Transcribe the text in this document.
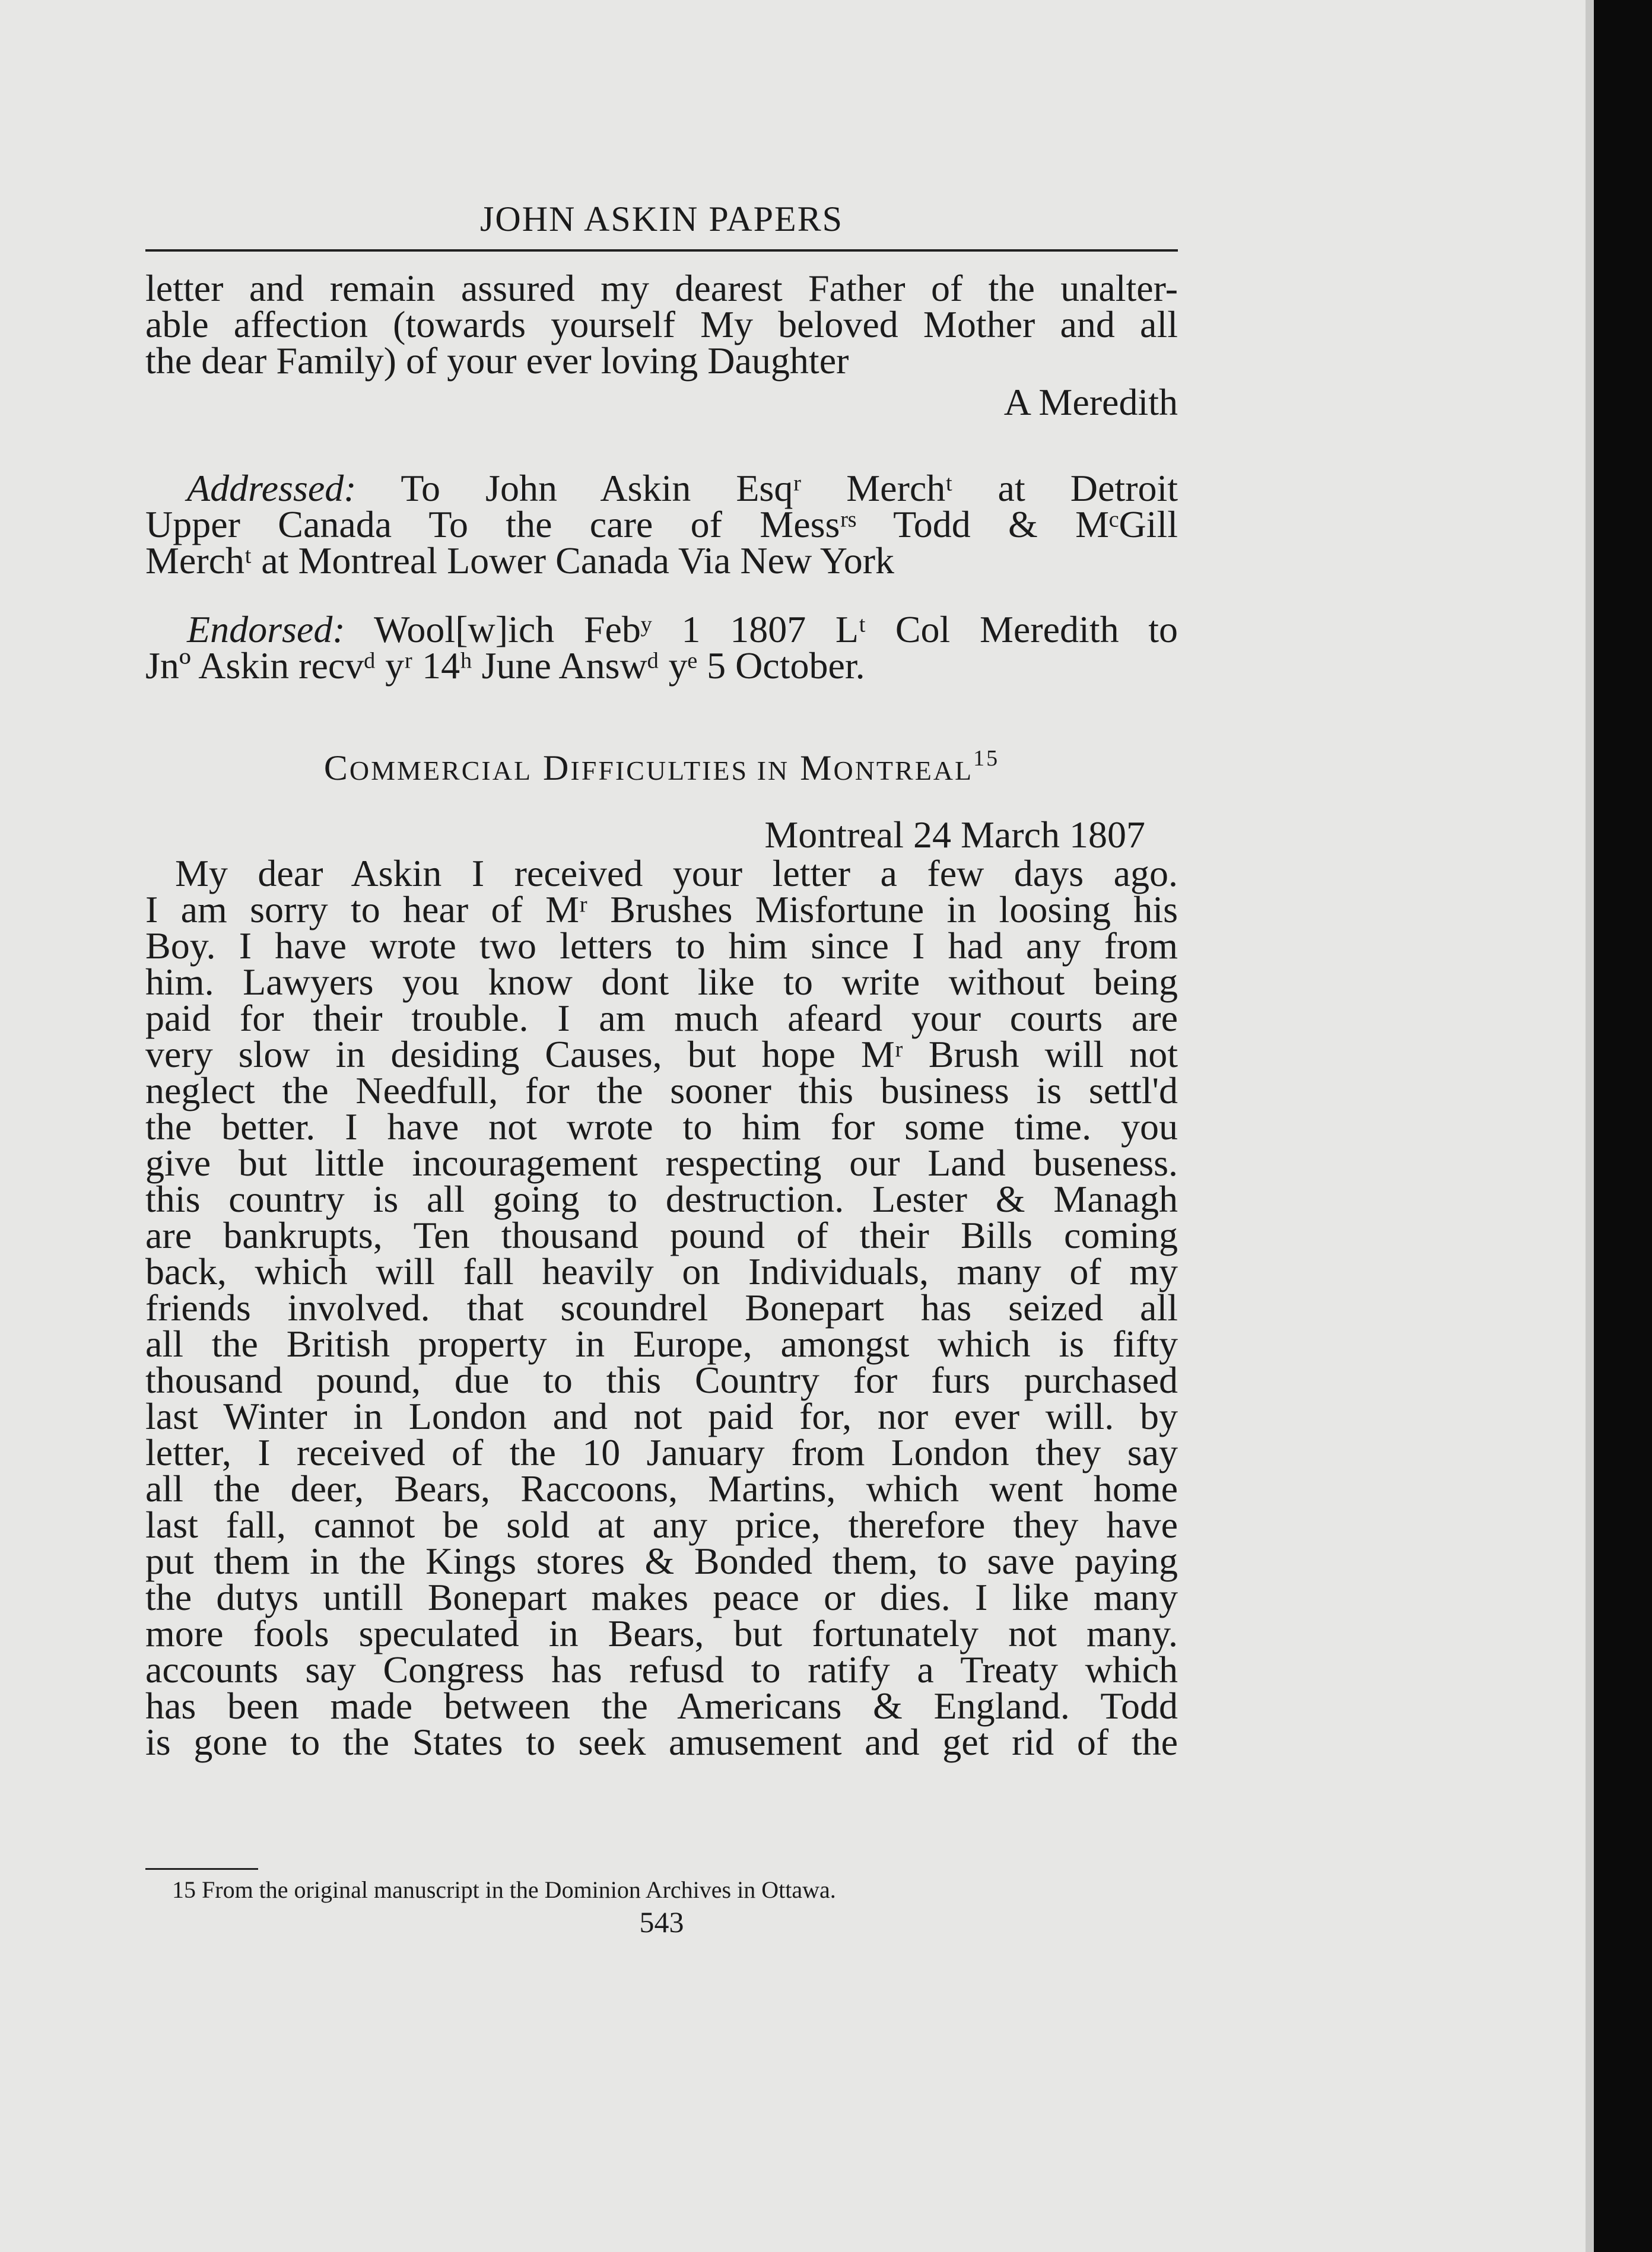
JOHN ASKIN PAPERS

letter and remain assured my dearest Father of the unalter-
able affection (towards yourself My beloved Mother and all
the dear Family) of your ever loving Daughter

A Meredith

Addressed: To John Askin Esqʳ Merchᵗ at Detroit
Upper Canada To the care of Messʳˢ Todd & MᶜGill
Merchᵗ at Montreal Lower Canada Via New York

Endorsed: Wool[w]ich Febʸ 1 1807 Lᵗ Col Meredith to
Jnº Askin recvᵈ yʳ 14ʰ June Answᵈ yᵉ 5 October.

COMMERCIAL DIFFICULTIES IN MONTREAL$^{15}$
Montreal 24 March 1807

My dear Askin I received your letter a few days ago.
I am sorry to hear of Mʳ Brushes Misfortune in loosing his
Boy. I have wrote two letters to him since I had any from
him. Lawyers you know dont like to write without being
paid for their trouble. I am much afeard your courts are
very slow in desiding Causes, but hope Mʳ Brush will not
neglect the Needfull, for the sooner this business is settl'd
the better. I have not wrote to him for some time. you
give but little incouragement respecting our Land buseness.
this country is all going to destruction. Lester & Managh
are bankrupts, Ten thousand pound of their Bills coming
back, which will fall heavily on Individuals, many of my
friends involved. that scoundrel Bonepart has seized all
all the British property in Europe, amongst which is fifty
thousand pound, due to this Country for furs purchased
last Winter in London and not paid for, nor ever will. by
letter, I received of the 10 January from London they say
all the deer, Bears, Raccoons, Martins, which went home
last fall, cannot be sold at any price, therefore they have
put them in the Kings stores & Bonded them, to save paying
the dutys untill Bonepart makes peace or dies. I like many
more fools speculated in Bears, but fortunately not many.
accounts say Congress has refusd to ratify a Treaty which
has been made between the Americans & England. Todd
is gone to the States to seek amusement and get rid of the

15 From the original manuscript in the Dominion Archives in Ottawa.
543
